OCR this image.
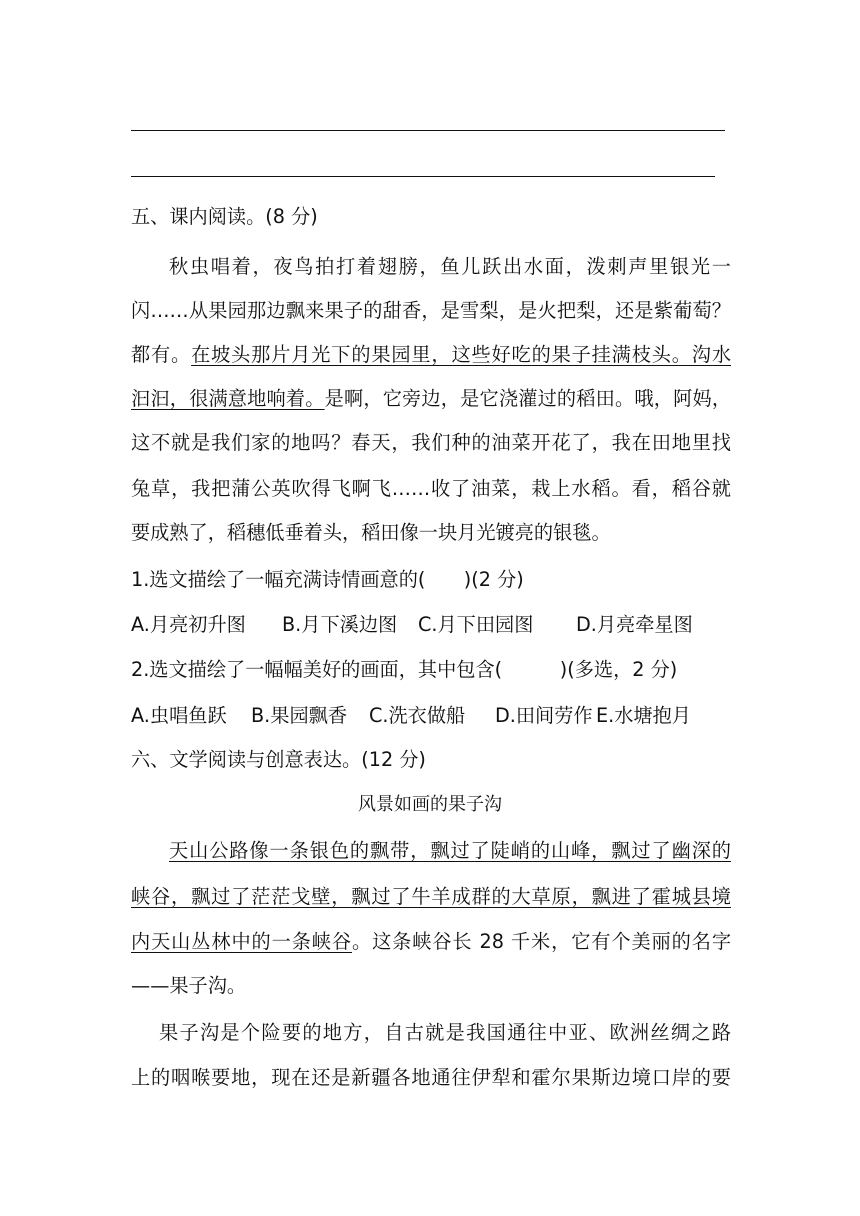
五、课内阅读。(8 分)
秋虫唱着，夜鸟拍打着翅膀，鱼儿跃出水面，泼刺声里银光一
闪……从果园那边飘来果子的甜香，是雪梨，是火把梨，还是紫葡萄？
都有。在坡头那片月光下的果园里，这些好吃的果子挂满枝头。沟水
汩汩，很满意地响着。是啊，它旁边，是它浇灌过的稻田。哦，阿妈，
这不就是我们家的地吗？春天，我们种的油菜开花了，我在田地里找
兔草，我把蒲公英吹得飞啊飞……收了油菜，栽上水稻。看，稻谷就
要成熟了，稻穗低垂着头，稻田像一块月光镀亮的银毯。
1.选文描绘了一幅充满诗情画意的(　　)(2 分)
A.月亮初升图 B.月下溪边图 C.月下田园图 D.月亮牵星图
2.选文描绘了一幅幅美好的画面，其中包含(　　　)(多选，2 分)
A.虫唱鱼跃 B.果园飘香 C.洗衣做船 D.田间劳作 E.水塘抱月
六、文学阅读与创意表达。(12 分)
风景如画的果子沟
天山公路像一条银色的飘带，飘过了陡峭的山峰，飘过了幽深的
峡谷，飘过了茫茫戈壁，飘过了牛羊成群的大草原，飘进了霍城县境
内天山丛林中的一条峡谷。这条峡谷长 28 千米，它有个美丽的名字
——果子沟。
果子沟是个险要的地方，自古就是我国通往中亚、欧洲丝绸之路
上的咽喉要地，现在还是新疆各地通往伊犁和霍尔果斯边境口岸的要
